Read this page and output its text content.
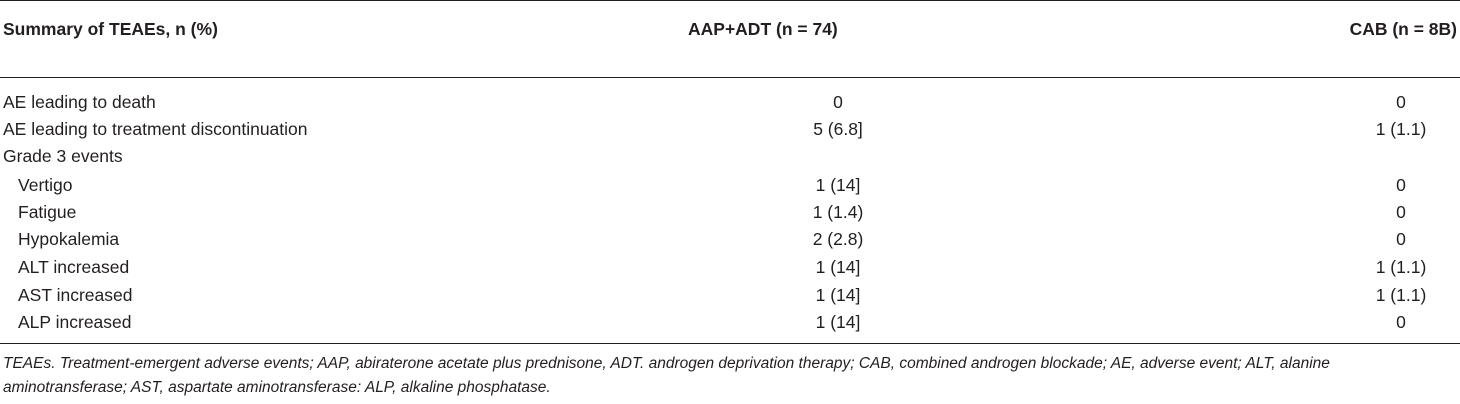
Summary of TEAEs, n (%)	AAP+ADT (n = 74)	CAB (n = 8B)
AE leading to death	0	0
AE leading to treatment discontinuation	5 (6.8]	1 (1.1)
Grade 3 events
Vertigo	1 (14]	0
Fatigue	1 (1.4)	0
Hypokalemia	2 (2.8)	0
ALT increased	1 (14]	1 (1.1)
AST increased	1 (14]	1 (1.1)
ALP increased	1 (14]	0
TEAEs. Treatment-emergent adverse events; AAP, abiraterone acetate plus prednisone, ADT. androgen deprivation therapy; CAB, combined androgen blockade; AE, adverse event; ALT, alanine aminotransferase; AST, aspartate aminotransferase: ALP, alkaline phosphatase.
